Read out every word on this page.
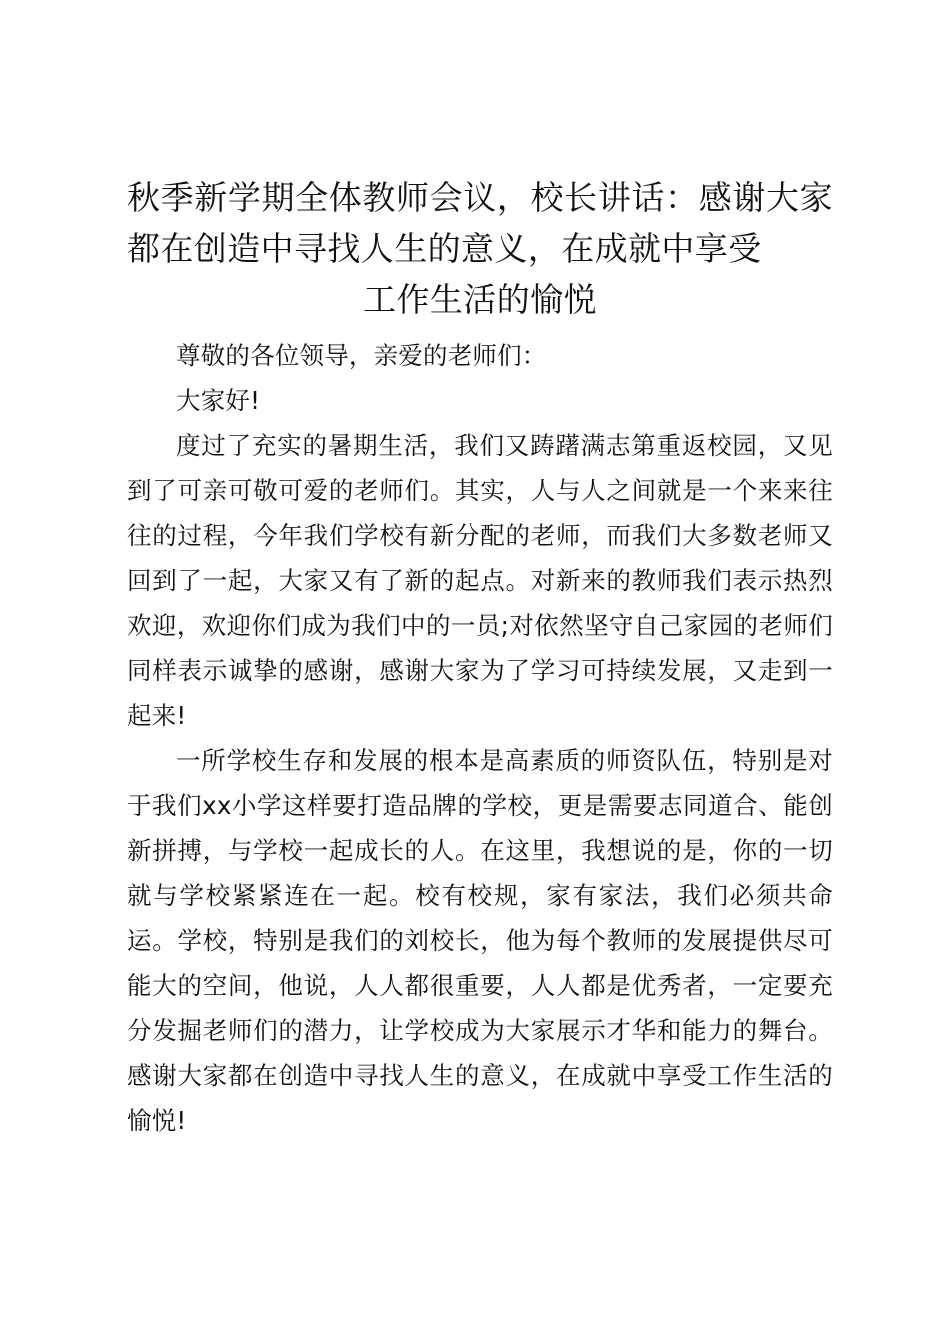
秋季新学期全体教师会议，校长讲话：感谢大家都在创造中寻找人生的意义，在成就中享受
工作生活的愉悦

尊敬的各位领导，亲爱的老师们：

大家好!

度过了充实的暑期生活，我们又踌躇满志第重返校园，又见到了可亲可敬可爱的老师们。其实，人与人之间就是一个来来往往的过程，今年我们学校有新分配的老师，而我们大多数老师又回到了一起，大家又有了新的起点。对新来的教师我们表示热烈欢迎，欢迎你们成为我们中的一员;对依然坚守自己家园的老师们同样表示诚挚的感谢，感谢大家为了学习可持续发展，又走到一起来!

一所学校生存和发展的根本是高素质的师资队伍，特别是对于我们xx小学这样要打造品牌的学校，更是需要志同道合、能创新拼搏，与学校一起成长的人。在这里，我想说的是，你的一切就与学校紧紧连在一起。校有校规，家有家法，我们必须共命运。学校，特别是我们的刘校长，他为每个教师的发展提供尽可能大的空间，他说，人人都很重要，人人都是优秀者，一定要充分发掘老师们的潜力，让学校成为大家展示才华和能力的舞台。感谢大家都在创造中寻找人生的意义，在成就中享受工作生活的愉悦!
